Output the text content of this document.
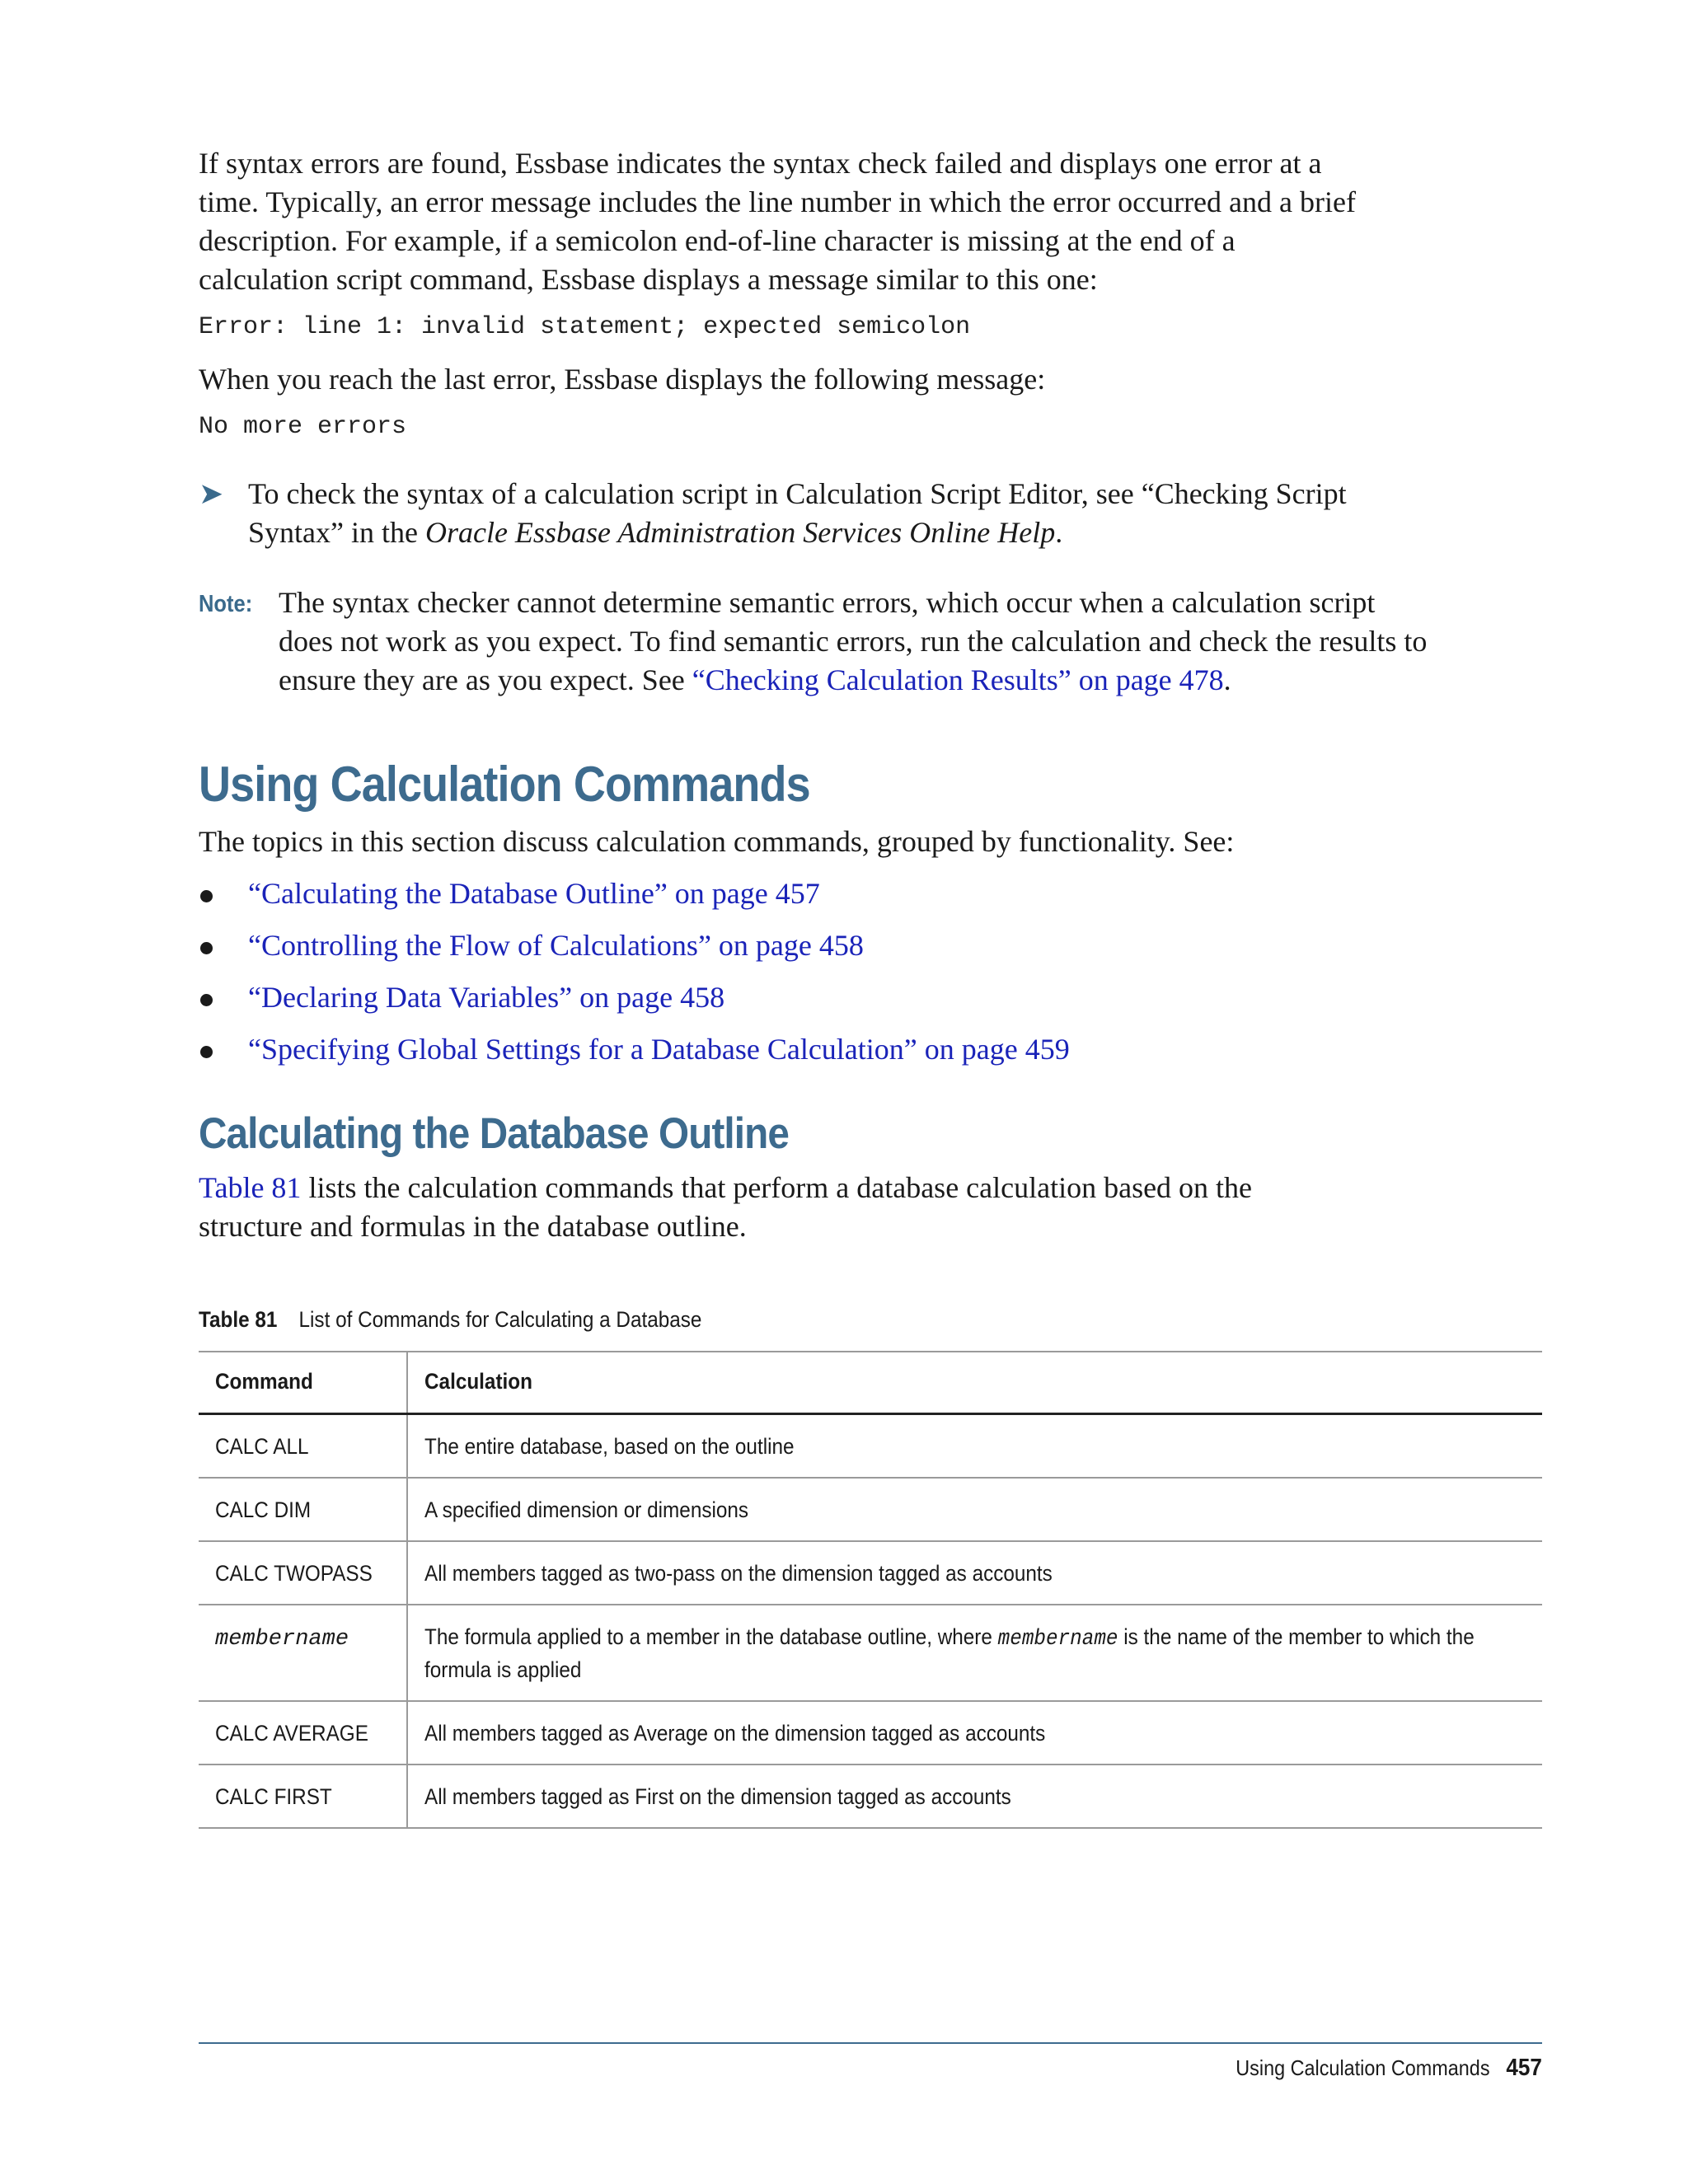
If syntax errors are found, Essbase indicates the syntax check failed and displays one error at a time. Typically, an error message includes the line number in which the error occurred and a brief description. For example, if a semicolon end-of-line character is missing at the end of a calculation script command, Essbase displays a message similar to this one:

Error: line 1: invalid statement; expected semicolon

When you reach the last error, Essbase displays the following message:

No more errors

➤ To check the syntax of a calculation script in Calculation Script Editor, see “Checking Script Syntax” in the Oracle Essbase Administration Services Online Help.
Note: The syntax checker cannot determine semantic errors, which occur when a calculation script does not work as you expect. To find semantic errors, run the calculation and check the results to ensure they are as you expect. See “Checking Calculation Results” on page 478.
Using Calculation Commands

The topics in this section discuss calculation commands, grouped by functionality. See:

“Calculating the Database Outline” on page 457
“Controlling the Flow of Calculations” on page 458
“Declaring Data Variables” on page 458
“Specifying Global Settings for a Database Calculation” on page 459
Calculating the Database Outline

Table 81 lists the calculation commands that perform a database calculation based on the structure and formulas in the database outline.

Table 81 List of Commands for Calculating a Database
Command	Calculation
CALC ALL	The entire database, based on the outline

CALC DIM	A specified dimension or dimensions

CALC TWOPASS	All members tagged as two-pass on the dimension tagged as accounts

membername	The formula applied to a member in the database outline, where membername is the name of the member to which the formula is applied

CALC AVERAGE	All members tagged as Average on the dimension tagged as accounts

CALC FIRST	All members tagged as First on the dimension tagged as accounts
Using Calculation Commands 457
